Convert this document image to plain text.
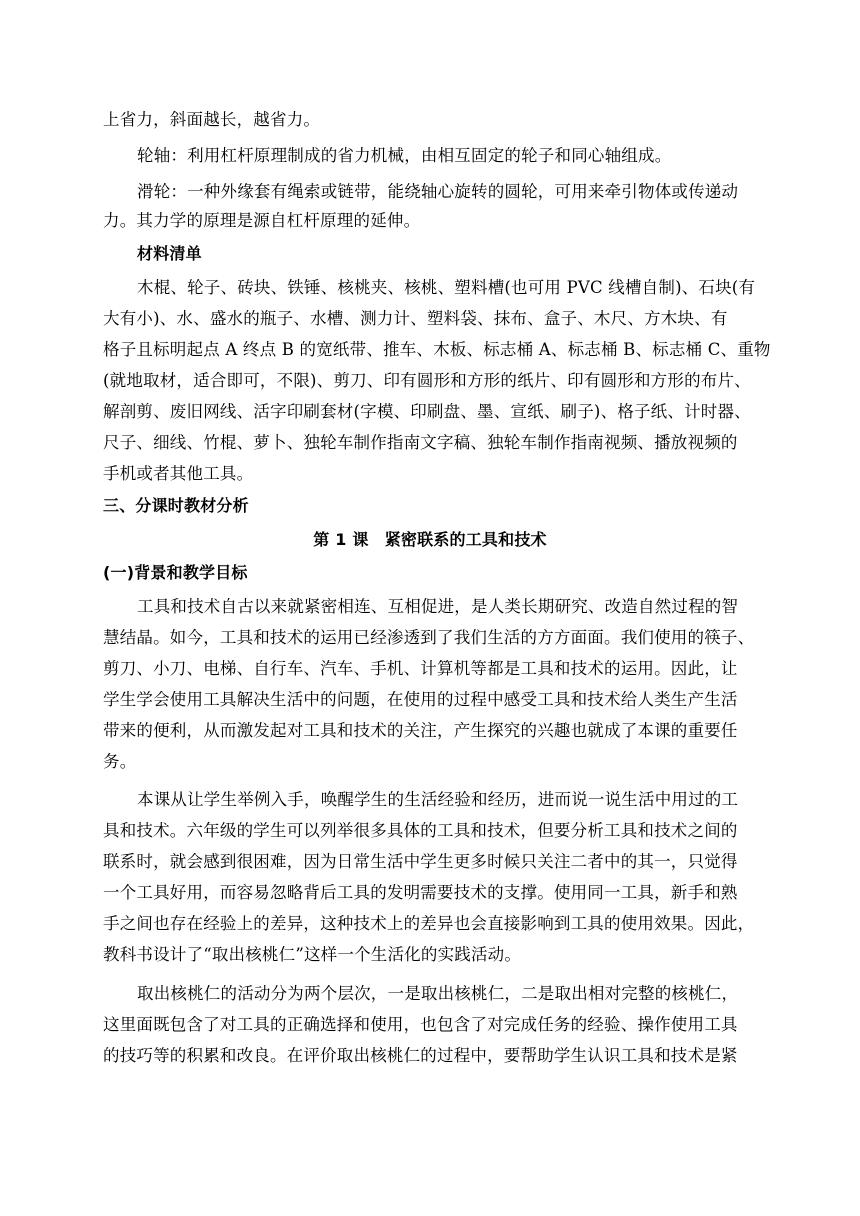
上省力，斜面越长，越省力。
轮轴：利用杠杆原理制成的省力机械，由相互固定的轮子和同心轴组成。
滑轮：一种外缘套有绳索或链带，能绕轴心旋转的圆轮，可用来牵引物体或传递动
力。其力学的原理是源自杠杆原理的延伸。
材料清单
木棍、轮子、砖块、铁锤、核桃夹、核桃、塑料槽(也可用 PVC 线槽自制)、石块(有
大有小)、水、盛水的瓶子、水槽、测力计、塑料袋、抹布、盒子、木尺、方木块、有
格子且标明起点 A 终点 B 的宽纸带、推车、木板、标志桶 A、标志桶 B、标志桶 C、重物
(就地取材，适合即可，不限)、剪刀、印有圆形和方形的纸片、印有圆形和方形的布片、
解剖剪、废旧网线、活字印刷套材(字模、印刷盘、墨、宣纸、刷子)、格子纸、计时器、
尺子、细线、竹棍、萝卜、独轮车制作指南文字稿、独轮车制作指南视频、播放视频的
手机或者其他工具。
三、分课时教材分析
第 1 课　紧密联系的工具和技术
(一)背景和教学目标
工具和技术自古以来就紧密相连、互相促进，是人类长期研究、改造自然过程的智
慧结晶。如今，工具和技术的运用已经渗透到了我们生活的方方面面。我们使用的筷子、
剪刀、小刀、电梯、自行车、汽车、手机、计算机等都是工具和技术的运用。因此，让
学生学会使用工具解决生活中的问题，在使用的过程中感受工具和技术给人类生产生活
带来的便利，从而激发起对工具和技术的关注，产生探究的兴趣也就成了本课的重要任
务。
本课从让学生举例入手，唤醒学生的生活经验和经历，进而说一说生活中用过的工
具和技术。六年级的学生可以列举很多具体的工具和技术，但要分析工具和技术之间的
联系时，就会感到很困难，因为日常生活中学生更多时候只关注二者中的其一，只觉得
一个工具好用，而容易忽略背后工具的发明需要技术的支撑。使用同一工具，新手和熟
手之间也存在经验上的差异，这种技术上的差异也会直接影响到工具的使用效果。因此，
教科书设计了“取出核桃仁”这样一个生活化的实践活动。
取出核桃仁的活动分为两个层次，一是取出核桃仁，二是取出相对完整的核桃仁，
这里面既包含了对工具的正确选择和使用，也包含了对完成任务的经验、操作使用工具
的技巧等的积累和改良。在评价取出核桃仁的过程中，要帮助学生认识工具和技术是紧
